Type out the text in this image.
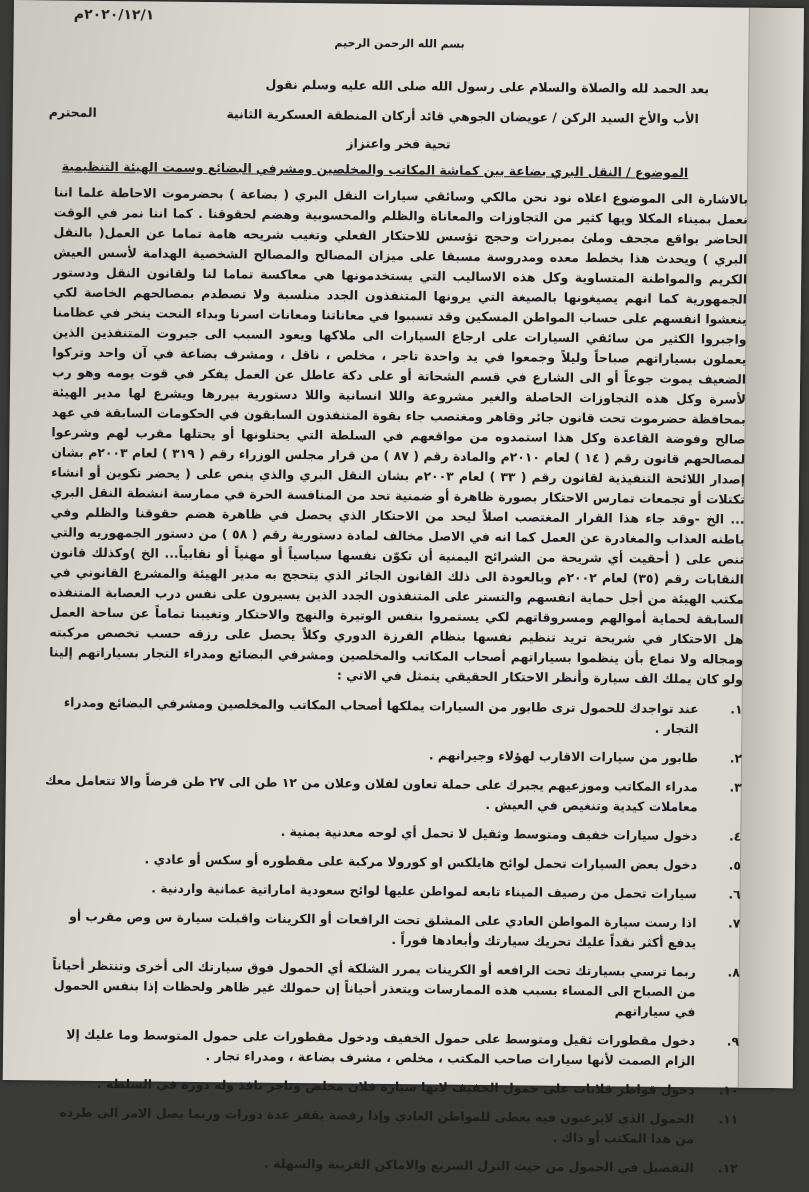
٢٠٢٠/١٢/١م
بسم الله الرحمن الرحيم
بعد الحمد لله والصلاة والسلام على رسول الله صلى الله عليه وسلم نقول
الأب والأخ السيد الركن / عويضان الجوهي قائد أركان المنطقة العسكرية الثانية
المحترم
تحية فخر واعتزاز
الموضوع / النقل البري بضاعة بين كماشة المكاتب والمخلصين ومشرفي البضائع وسمت الهيئة التنظيمية
بالاشارة الى الموضوع اعلاه نود نحن مالكي وسائقي سيارات النقل البري ( بضاعة ) بحضرموت الاحاطة علما اننا نعمل بميناء المكلا ويها كثير من التجاوزات والمعاناة والظلم والمحسوبية وهضم لحقوقنا . كما اننا نمر في الوقت الحاضر بواقع مجحف وملئ بمبررات وحجج تؤسس للاحتكار الفعلي وتغيب شريحه هامة تماما عن العمل( بالنقل البري ) ويحدث هذا بخطط معده ومدروسة مسبقا على ميزان المصالح والمصالح الشخصية الهدامة لأسس العيش الكريم والمواطنة المتساوية وكل هذه الاساليب التي يستخدمونها هي معاكسة تماما لنا ولقانون النقل ودستور الجمهورية كما انهم يصيغونها بالصيغة التي يرونها المتنفذون الجدد منلسبة ولا تصطدم بمصالحهم الخاصة لكي ينعشوا انفسهم على حساب المواطن المسكين وقد تسببوا في معاناتنا ومعانات اسرنا وبداء النحت ينخر في عظامنا واجبروا الكثير من سائقي السيارات على ارجاع السيارات الى ملاكها ويعود السبب الى جبروت المتنفذين الذين يعملون بسياراتهم صباحاً وليلاً وجمعوا في يد واحدة تاجر ، مخلص ، ناقل ، ومشرف بضاعة في آن واحد وتركوا الضعيف يموت جوعاً أو الى الشارع في قسم الشحاتة أو على دكة عاطل عن العمل يفكر في قوت يومه وهو رب لأسرة وكل هذه التجاوزات الحاصلة والغير مشروعة واللا انسانية واللا دستورية بيررها ويشرع لها مدير الهيئة بمحافظة حضرموت تحت قانون جائر وقاهر ومغتصب جاء بقوة المتنفذون السابقون في الحكومات السابقة في عهد صالح وفوضة القاعدة وكل هذا استمدوه من مواقعهم في السلطة التي يحتلونها أو يحتلها مقرب لهم وشرعوا لمصالحهم قانون رقم ( ١٤ ) لعام ٢٠١٠م والمادة رقم ( ٨٧ ) من قرار مجلس الوزراء رقم ( ٣١٩ ) لعام ٢٠٠٣م بشان إصدار اللائحة التنفيذية لقانون رقم ( ٣٣ ) لعام ٢٠٠٣م بشان النقل البري والذي ينص على ( يحضر تكوين أو انشاء تكتلات أو تجمعات تمارس الاحتكار بصورة ظاهرة أو ضمنية تحد من المنافسة الحرة في ممارسة انشطة النقل البري ... الخ -وقد جاء هذا القرار المغتصب اصلاً ليحد من الاحتكار الذي يحصل في ظاهرة هضم حقوقنا والظلم وفي باطنه العذاب والمغادرة عن العمل كما انه في الاصل مخالف لمادة دستورية رقم ( ٥٨ ) من دستور الجمهوريه والتي تنص على ( أحقيت أي شريحة من الشرائح اليمنية أن تكوّن نفسها سياسياً أو مهنياً أو نقابياً... الخ )وكذلك قانون النقابات رقم (٣٥) لعام ٢٠٠٢م وبالعودة الى ذلك القانون الجائر الذي يتحجج به مدير الهيئة والمشرع القانوني في مكتب الهيئة من أجل حماية انفسهم والتستر على المتنفذون الجدد الذين يسيرون على نفس درب العصابة المتنفذه السابقة لحماية أموالهم ومسروقاتهم لكي يستمروا بنفس الوتيرة والنهج والاحتكار وتغيبنا تماماً عن ساحة العمل هل الاحتكار في شريحة تريد تنظيم نفسها بنظام الفرزة الدوري وكلاً يحصل على رزقه حسب تخصص مركبته ومجاله ولا نماع بأن ينظموا بسياراتهم أصحاب المكاتب والمخلصين ومشرفي البضائع ومدراء التجار بسياراتهم إلينا ولو كان يملك الف سيارة وأنظر الاحتكار الحقيقي يتمثل في الاتي :
١.
عند تواجدك للحمول ترى طابور من السيارات يملكها أصحاب المكاتب والمخلصين ومشرفي البضائع ومدراء التجار .
٢.
طابور من سيارات الاقارب لهؤلاء وجيرانهم .
٣.
مدراء المكاتب وموزعيهم يجبرك على حملة تعاون لفلان وعلان من ١٢ طن الى ٢٧ طن فرضاً والا تتعامل معك معاملات كيدية وتنغيص في العيش .
٤.
دخول سيارات خفيف ومتوسط وثقيل لا تحمل أي لوحه معدنية يمنية .
٥.
دخول بعض السيارات تحمل لوائح هايلكس او كورولا مركبة على مقطوره أو سكس أو عادي .
٦.
سيارات تحمل من رصيف الميناء تابعه لمواطن عليها لوائح سعودية اماراتية عمانية واردنية .
٧.
اذا رست سيارة المواطن العادي على المشلق تحت الرافعات أو الكرينات واقبلت سيارة س وص مقرب أو يدفع أكثر نقداً عليك تحريك سيارتك وأبعادها فوراً .
٨.
ربما ترسي بسيارتك تحت الرافعه أو الكرينات يمرر الشلكة أي الحمول فوق سيارتك الى أخرى وتنتظر أحياناً من الصباح الى المساء بسبب هذه الممارسات ويتعذر أحياناً إن حمولك غير ظاهر ولحظات إذا بنفس الحمول في سياراتهم
٩.
دخول مقطورات ثقيل ومتوسط على حمول الخفيف ودخول مقطورات على حمول المتوسط وما عليك إلا الزام الصمت لأنها سيارات صاحب المكتب ، مخلص ، مشرف بضاعة ، ومدراء تجار .
١٠.
دخول قواطر قلابات على حمول الخفيف لانها سيارة فلان مخلص وتاجر نافذ وله دورة في السلطة .
١١.
الحمول الذي لايرغبون فيه يعطى للمواطن العادي وإذا رفضة يقفز عدة دورات وربما يصل الامر الى طرده من هذا المكتب أو ذاك .
١٢.
التفضيل في الحمول من حيث النزل السريع والاماكن القريبة والسهلة .
